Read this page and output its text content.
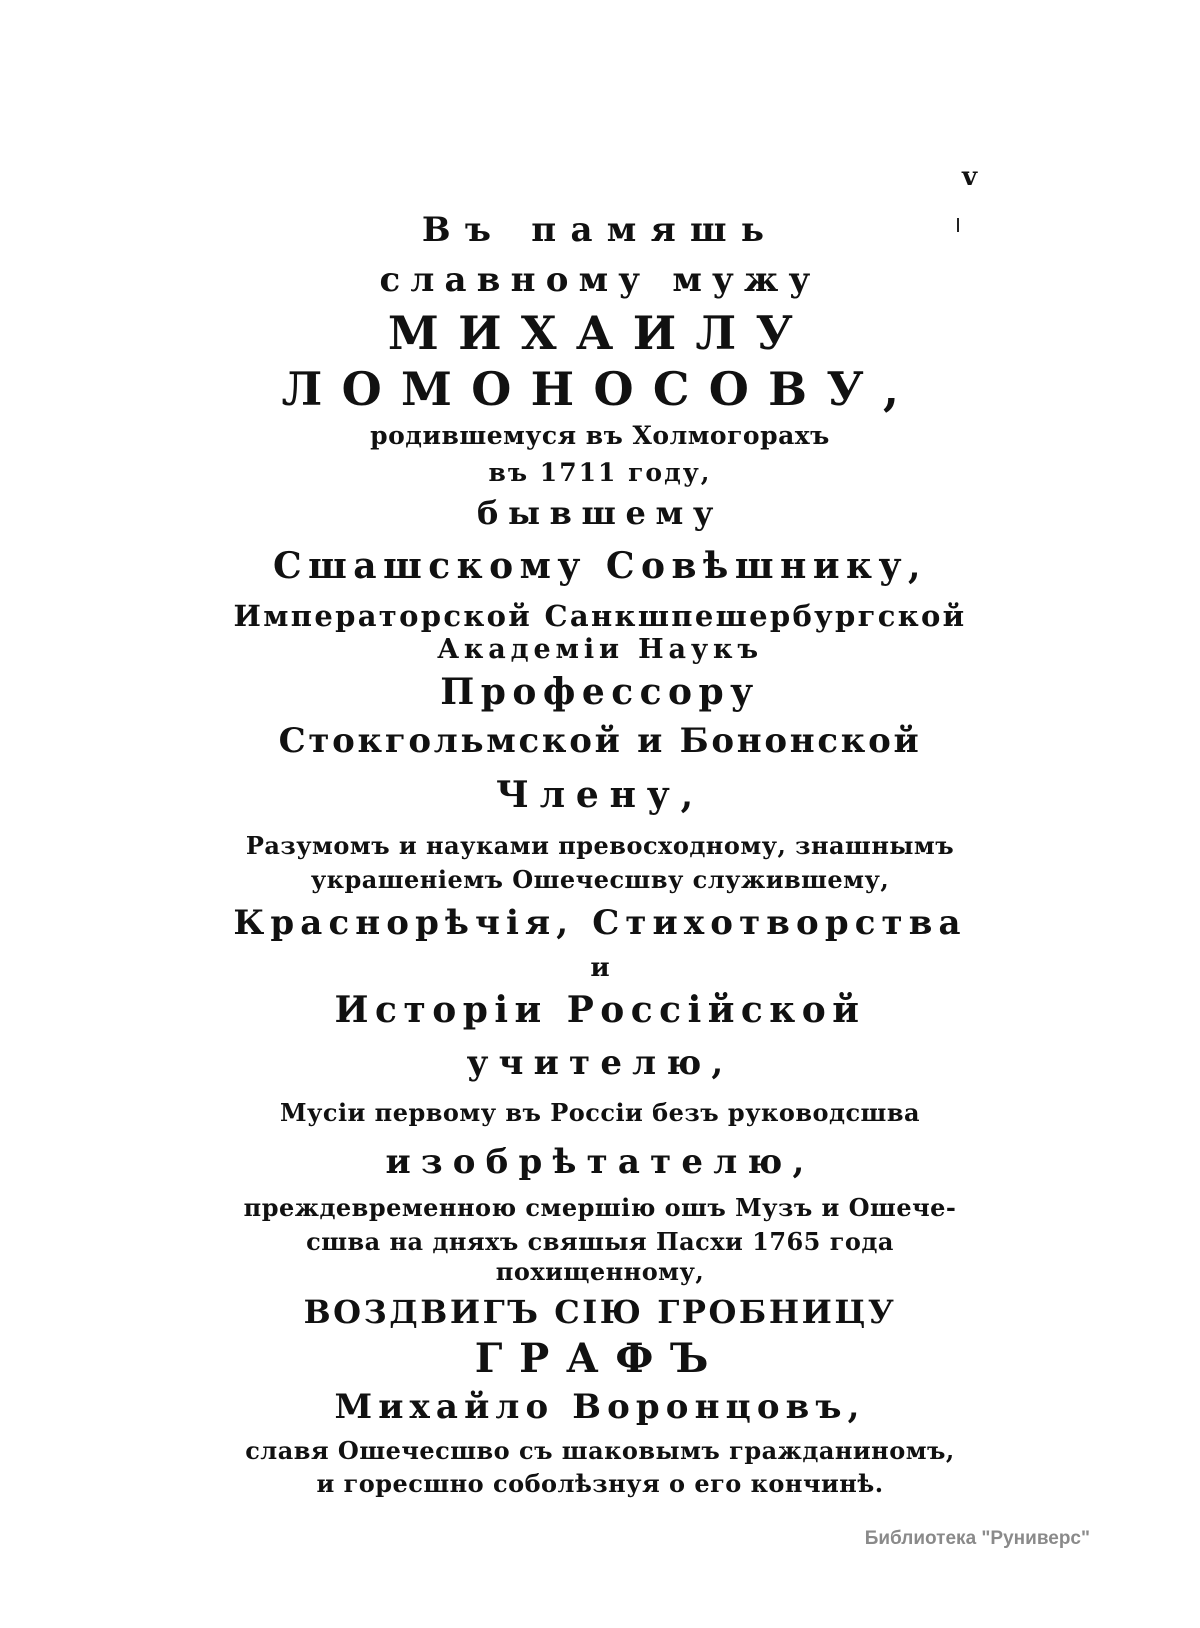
v
Въ памяшь
славному мужу
МИХАИЛУ
ЛОМОНОСОВУ,
родившемуся въ Холмогорахъ
въ 1711 году,
бывшему
Сшашскому Совѣшнику,
Императорской Санкшпешербургской
Академіи Наукъ
Профессору
Стокгольмской и Бононской
Члену,
Разумомъ и науками превосходному, знашнымъ
украшеніемъ Ошечесшву служившему,
Краснорѣчія, Стихотворства
и
Исторіи Россійской
учителю,
Мусіи первому въ Россіи безъ руководсшва
изобрѣтателю,
преждевременною смершію ошъ Музъ и Ошече-
сшва на дняхъ свяшыя Пасхи 1765 года
похищенному,
ВОЗДВИГЪ СІЮ ГРОБНИЦУ
ГРАФЪ
Михайло Воронцовъ,
славя Ошечесшво съ шаковымъ гражданиномъ,
и горесшно соболѣзнуя о его кончинѣ.
Библиотека "Руниверс"
